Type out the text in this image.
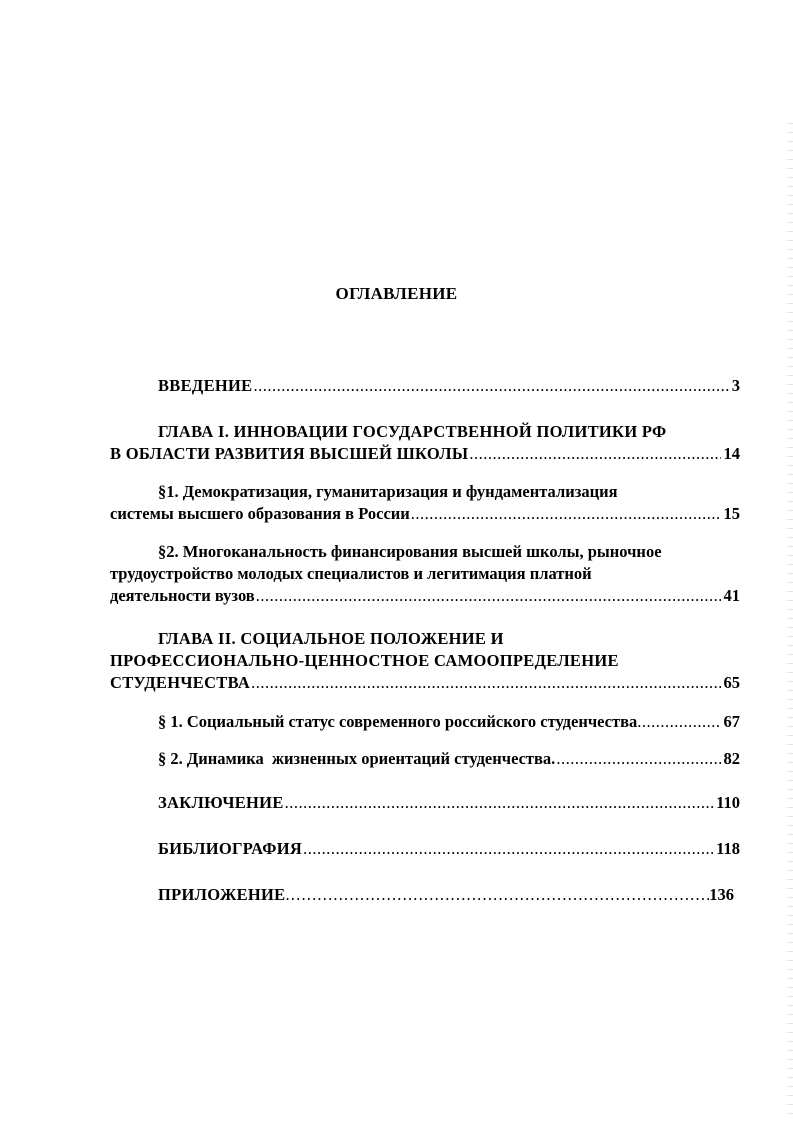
ОГЛАВЛЕНИЕ
ВВЕДЕНИЕ .....	3
ГЛАВА I. ИННОВАЦИИ ГОСУДАРСТВЕННОЙ ПОЛИТИКИ РФ
В ОБЛАСТИ РАЗВИТИЯ ВЫСШЕЙ ШКОЛЫ .....	14
§1. Демократизация, гуманитаризация и фундаментализация
системы высшего образования в России .....	15
§2. Многоканальность финансирования высшей школы, рыночное
трудоустройство молодых специалистов и легитимация платной
деятельности вузов .....	41
ГЛАВА II. СОЦИАЛЬНОЕ ПОЛОЖЕНИЕ И
ПРОФЕССИОНАЛЬНО-ЦЕННОСТНОЕ САМООПРЕДЕЛЕНИЕ
СТУДЕНЧЕСТВА .....	65
§ 1. Социальный статус современного российского студенчества .....	67
§ 2. Динамика  жизненных ориентаций студенчества. .....	82
ЗАКЛЮЧЕНИЕ .....	110
БИБЛИОГРАФИЯ .....	118
ПРИЛОЖЕНИЕ .....	136
